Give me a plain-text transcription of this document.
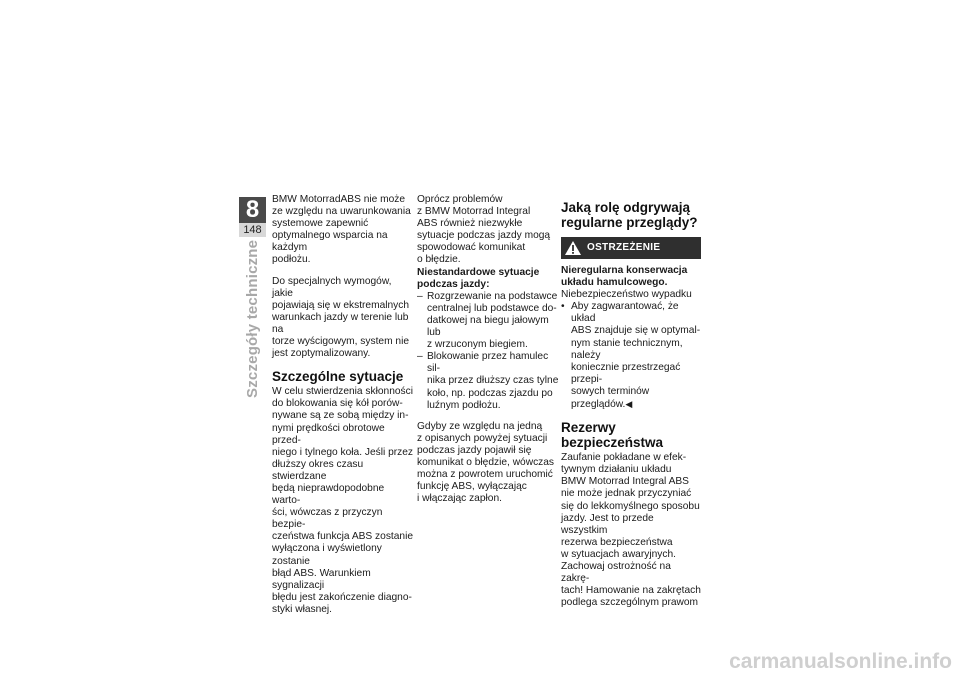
8
148
Szczegóły techniczne

BMW MotorradABS nie może
ze względu na uwarunkowania
systemowe zapewnić
optymalnego wsparcia na każdym
podłożu.

Do specjalnych wymogów, jakie
pojawiają się w ekstremalnych
warunkach jazdy w terenie lub na
torze wyścigowym, system nie
jest zoptymalizowany.

Szczególne sytuacje

W celu stwierdzenia skłonności
do blokowania się kół porów-
nywane są ze sobą między in-
nymi prędkości obrotowe przed-
niego i tylnego koła. Jeśli przez
dłuższy okres czasu stwierdzane
będą nieprawdopodobne warto-
ści, wówczas z przyczyn bezpie-
czeństwa funkcja ABS zostanie
wyłączona i wyświetlony zostanie
błąd ABS. Warunkiem sygnalizacji
błędu jest zakończenie diagno-
styki własnej.

Oprócz problemów
z BMW Motorrad Integral
ABS również niezwykłe
sytuacje podczas jazdy mogą
spowodować komunikat
o błędzie.

Niestandardowe sytuacje
podczas jazdy:
– Rozgrzewanie na podstawce
centralnej lub podstawce do-
datkowej na biegu jałowym lub
z wrzuconym biegiem.
– Blokowanie przez hamulec sil-
nika przez dłuższy czas tylne
koło, np. podczas zjazdu po
luźnym podłożu.

Gdyby ze względu na jedną
z opisanych powyżej sytuacji
podczas jazdy pojawił się
komunikat o błędzie, wówczas
można z powrotem uruchomić
funkcję ABS, wyłączając
i włączając zapłon.

Jaką rolę odgrywają
regularne przeglądy?
OSTRZEŻENIE
Nieregularna konserwacja
układu hamulcowego.

Niebezpieczeństwo wypadku

• Aby zagwarantować, że układ
ABS znajduje się w optymal-
nym stanie technicznym, należy
koniecznie przestrzegać przepi-
sowych terminów przeglądów.◀
Rezerwy bezpieczeństwa

Zaufanie pokładane w efek-
tywnym działaniu układu
BMW Motorrad Integral ABS
nie może jednak przyczyniać
się do lekkomyślnego sposobu
jazdy. Jest to przede wszystkim
rezerwa bezpieczeństwa
w sytuacjach awaryjnych.
Zachowaj ostrożność na zakrę-
tach! Hamowanie na zakrętach
podlega szczególnym prawom

carmanualsonline.info
